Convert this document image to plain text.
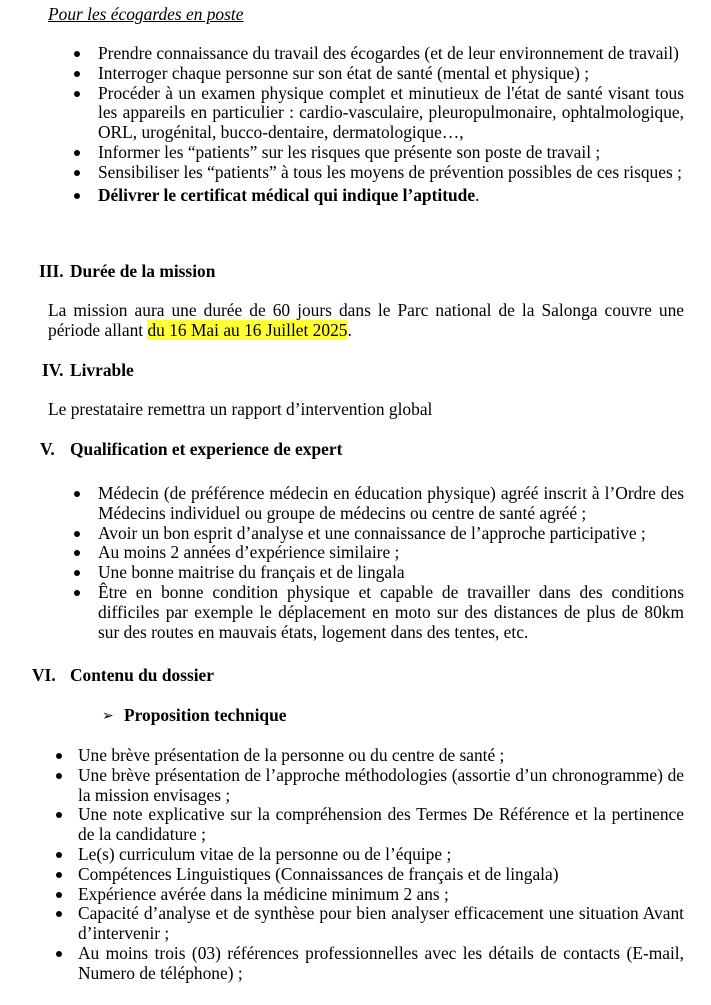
Pour les écogardes en poste

Prendre connaissance du travail des écogardes (et de leur environnement de travail)
Interroger chaque personne sur son état de santé (mental et physique) ;
Procéder à un examen physique complet et minutieux de l'état de santé visant tous les appareils en particulier : cardio-vasculaire, pleuropulmonaire, ophtalmologique, ORL, urogénital, bucco-dentaire, dermatologique…,
Informer les “patients” sur les risques que présente son poste de travail ;
Sensibiliser les “patients” à tous les moyens de prévention possibles de ces risques ;
Délivrer le certificat médical qui indique l’aptitude.
III. Durée de la mission

La mission aura une durée de 60 jours dans le Parc national de la Salonga couvre une période allant du 16 Mai au 16 Juillet 2025.

IV. Livrable

Le prestataire remettra un rapport d’intervention global

V. Qualification et experience de expert
Médecin (de préférence médecin en éducation physique) agréé inscrit à l’Ordre des Médecins individuel ou groupe de médecins ou centre de santé agréé ;
Avoir un bon esprit d’analyse et une connaissance de l’approche participative ;
Au moins 2 années d’expérience similaire ;
Une bonne maitrise du français et de lingala
Être en bonne condition physique et capable de travailler dans des conditions difficiles par exemple le déplacement en moto sur des distances de plus de 80km sur des routes en mauvais états, logement dans des tentes, etc.
VI. Contenu du dossier
➢ Proposition technique
Une brève présentation de la personne ou du centre de santé ;
Une brève présentation de l’approche méthodologies (assortie d’un chronogramme) de la mission envisages ;
Une note explicative sur la compréhension des Termes De Référence et la pertinence de la candidature ;
Le(s) curriculum vitae de la personne ou de l’équipe ;
Compétences Linguistiques (Connaissances de français et de lingala)
Expérience avérée dans la médicine minimum 2 ans ;
Capacité d’analyse et de synthèse pour bien analyser efficacement une situation Avant d’intervenir ;
Au moins trois (03) références professionnelles avec les détails de contacts (E-mail, Numero de téléphone) ;
